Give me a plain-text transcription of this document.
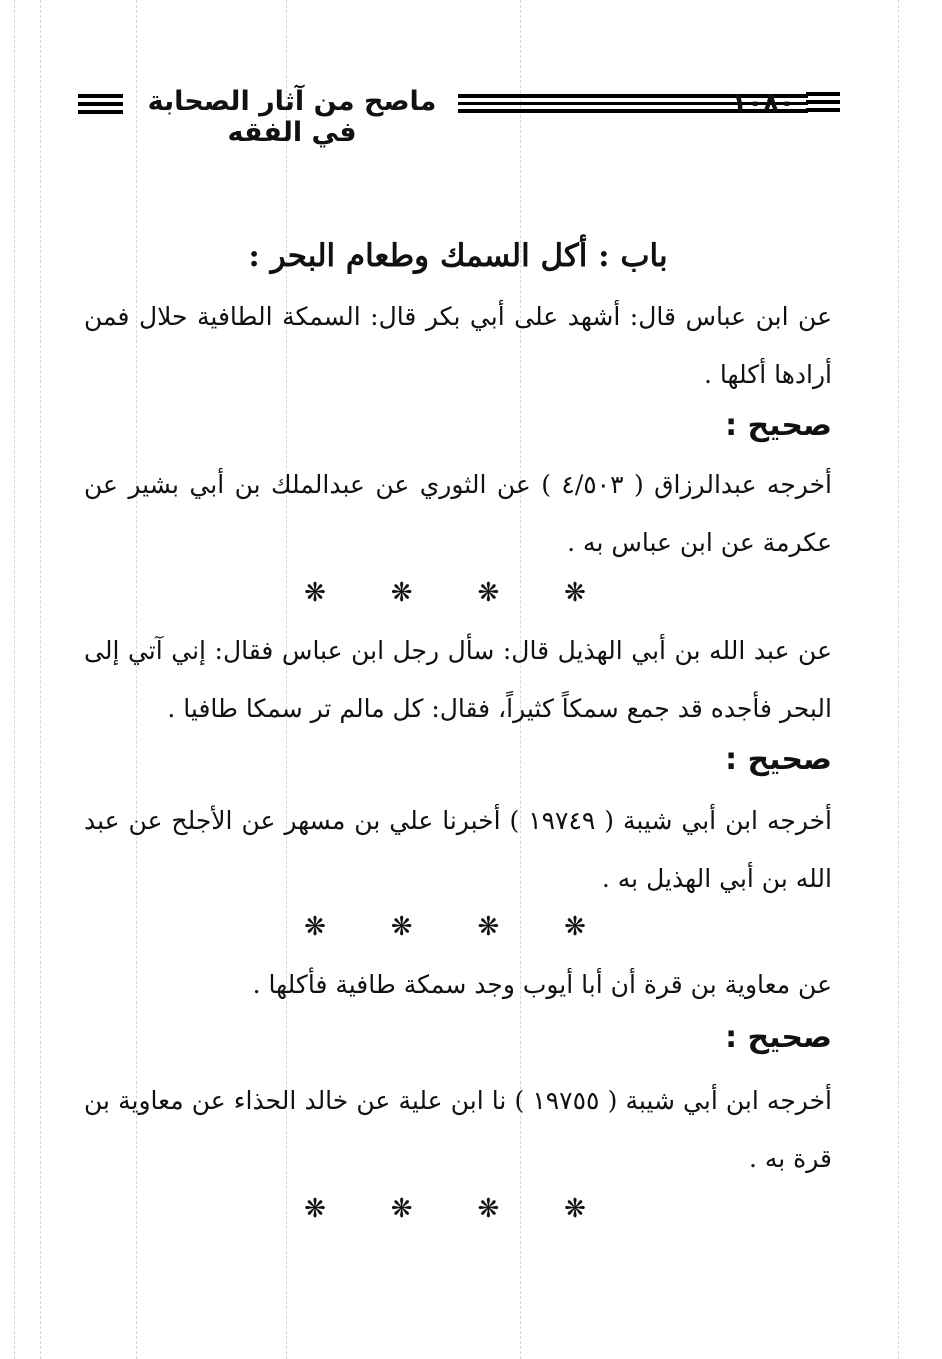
ماصح من آثار الصحابة في الفقه
١٠٨٠
باب : أكل السمك وطعام البحر :

عن ابن عباس قال: أشهد على أبي بكر قال: السمكة الطافية حلال فمن أرادها أكلها .

صحيح :

أخرجه عبدالرزاق ( ٤/٥٠٣ ) عن الثوري عن عبدالملك بن أبي بشير عن عكرمة عن ابن عباس به .

❋
❋
❋
❋

عن عبد الله بن أبي الهذيل قال: سأل رجل ابن عباس فقال: إني آتي إلى البحر فأجده قد جمع سمكاً كثيراً، فقال: كل مالم تر سمكا طافيا .

صحيح :

أخرجه ابن أبي شيبة ( ١٩٧٤٩ ) أخبرنا علي بن مسهر عن الأجلح عن عبد الله بن أبي الهذيل به .

❋
❋
❋
❋

عن معاوية بن قرة أن أبا أيوب وجد سمكة طافية فأكلها .

صحيح :

أخرجه ابن أبي شيبة ( ١٩٧٥٥ ) نا ابن علية عن خالد الحذاء عن معاوية بن قرة به .

❋
❋
❋
❋
